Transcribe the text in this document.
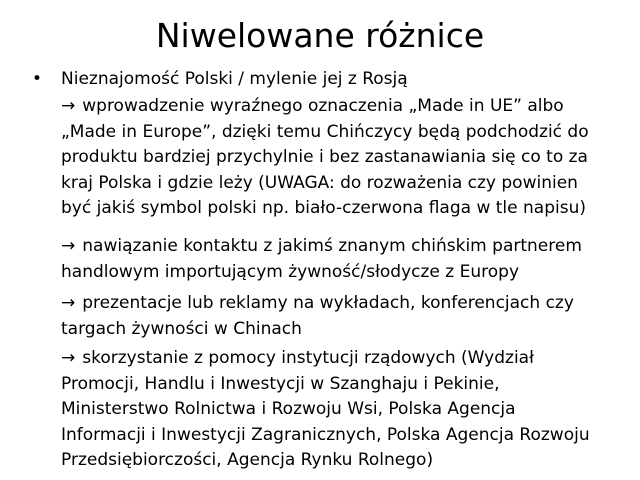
Niwelowane różnice
• Nieznajomość Polski / mylenie jej z Rosją
→ wprowadzenie wyraźnego oznaczenia „Made in UE” albo
„Made in Europe”, dzięki temu Chińczycy będą podchodzić do
produktu bardziej przychylnie i bez zastanawiania się co to za
kraj Polska i gdzie leży (UWAGA: do rozważenia czy powinien
być jakiś symbol polski np. biało-czerwona flaga w tle napisu)
→ nawiązanie kontaktu z jakimś znanym chińskim partnerem
handlowym importującym żywność/słodycze z Europy
→ prezentacje lub reklamy na wykładach, konferencjach czy
targach żywności w Chinach
→ skorzystanie z pomocy instytucji rządowych (Wydział
Promocji, Handlu i Inwestycji w Szanghaju i Pekinie,
Ministerstwo Rolnictwa i Rozwoju Wsi, Polska Agencja
Informacji i Inwestycji Zagranicznych, Polska Agencja Rozwoju
Przedsiębiorczości, Agencja Rynku Rolnego)
